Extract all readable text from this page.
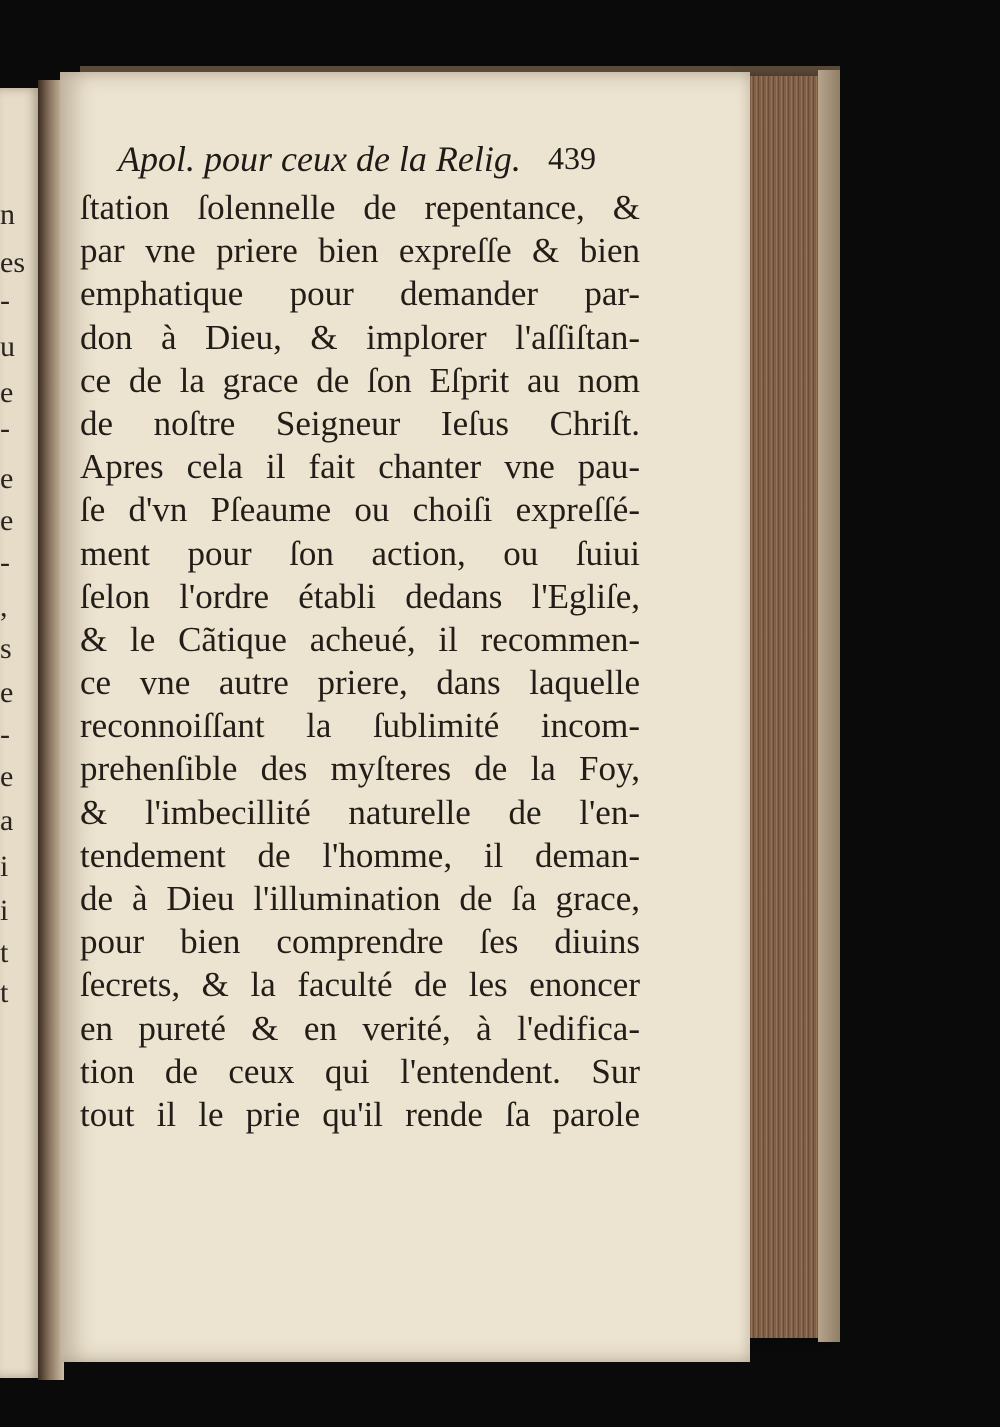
n
es
-
u
e
-
e
e
-
,
s
e
-
e
a
i
i
t
t
Apol. pour ceux de la Relig. 439
ſtation ſolennelle de repentance, &
par vne priere bien expreſſe & bien
emphatique pour demander par-
don à Dieu, & implorer l'aſſiſtan-
ce de la grace de ſon Eſprit au nom
de noſtre Seigneur Ieſus Chriſt.
Apres cela il fait chanter vne pau-
ſe d'vn Pſeaume ou choiſi expreſſé-
ment pour ſon action, ou ſuiui
ſelon l'ordre établi dedans l'Egliſe,
& le Cãtique acheué, il recommen-
ce vne autre priere, dans laquelle
reconnoiſſant la ſublimité incom-
prehenſible des myſteres de la Foy,
& l'imbecillité naturelle de l'en-
tendement de l'homme, il deman-
de à Dieu l'illumination de ſa grace,
pour bien comprendre ſes diuins
ſecrets, & la faculté de les enoncer
en pureté & en verité, à l'edifica-
tion de ceux qui l'entendent. Sur
tout il le prie qu'il rende ſa parole
